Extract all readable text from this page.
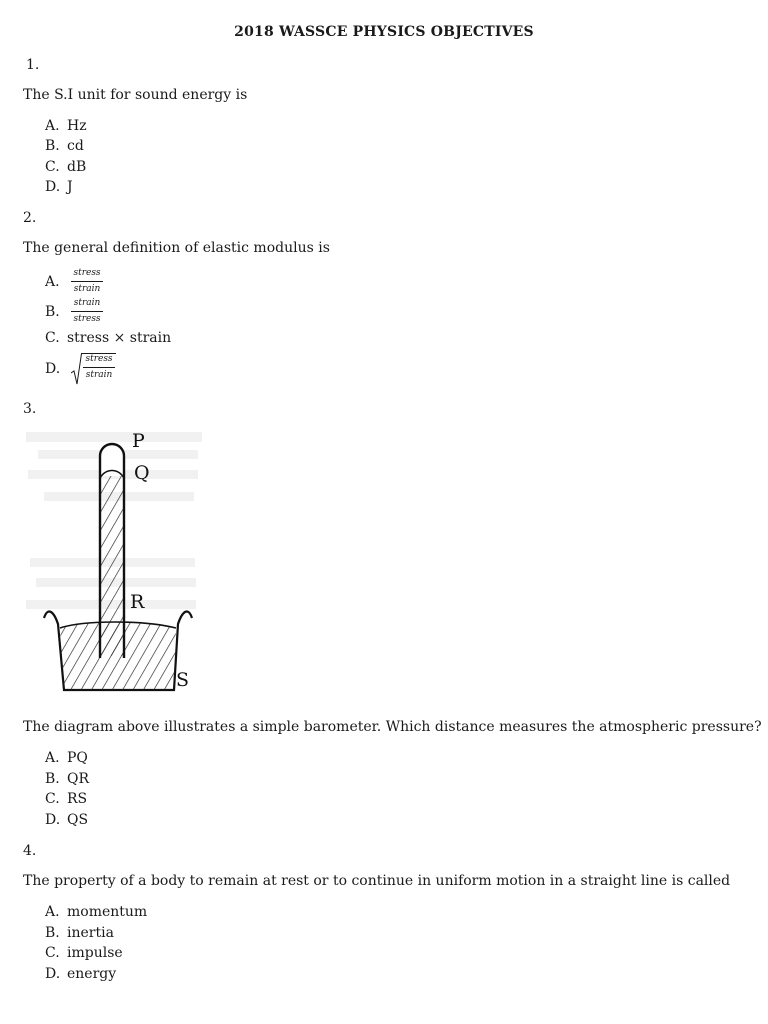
2018 WASSCE PHYSICS OBJECTIVES
1.
The S.I unit for sound energy is
A. Hz
B. cd
C. dB
D. J
2.
The general definition of elastic modulus is
A. $\frac{\text{stress}}{\text{strain}}$
B. $\frac{\text{strain}}{\text{stress}}$
C. stress × strain
D.	$\frac{\text{stress}}{\text{strain}}$
3.
P
Q
R
S
The diagram above illustrates a simple barometer. Which distance measures the atmospheric pressure?
A. PQ
B. QR
C. RS
D. QS
4.
The property of a body to remain at rest or to continue in uniform motion in a straight line is called
A. momentum
B. inertia
C. impulse
D. energy
